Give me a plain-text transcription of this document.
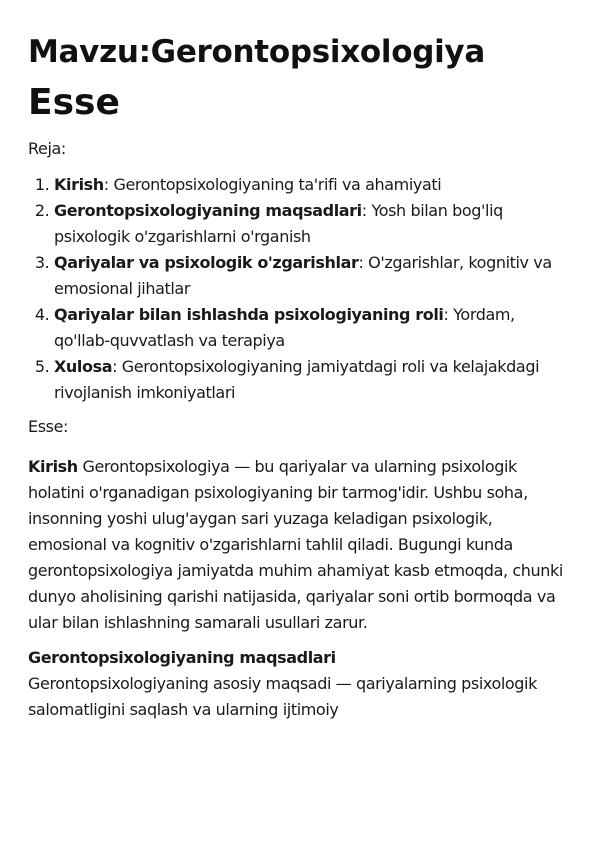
Mavzu:Gerontopsixologiya
Esse

Reja:

1. Kirish: Gerontopsixologiyaning ta'rifi va ahamiyati
2. Gerontopsixologiyaning maqsadlari: Yosh bilan bog'liq psixologik o'zgarishlarni o'rganish
3. Qariyalar va psixologik o'zgarishlar: O'zgarishlar, kognitiv va emosional jihatlar
4. Qariyalar bilan ishlashda psixologiyaning roli: Yordam, qo'llab-quvvatlash va terapiya
5. Xulosa: Gerontopsixologiyaning jamiyatdagi roli va kelajakdagi rivojlanish imkoniyatlari

Esse:

Kirish Gerontopsixologiya — bu qariyalar va ularning psixologik holatini o'rganadigan psixologiyaning bir tarmog'idir. Ushbu soha, insonning yoshi ulug'aygan sari yuzaga keladigan psixologik, emosional va kognitiv o'zgarishlarni tahlil qiladi. Bugungi kunda gerontopsixologiya jamiyatda muhim ahamiyat kasb etmoqda, chunki dunyo aholisining qarishi natijasida, qariyalar soni ortib bormoqda va ular bilan ishlashning samarali usullari zarur.

Gerontopsixologiyaning maqsadlari

Gerontopsixologiyaning asosiy maqsadi — qariyalarning psixologik salomatligini saqlash va ularning ijtimoiy
